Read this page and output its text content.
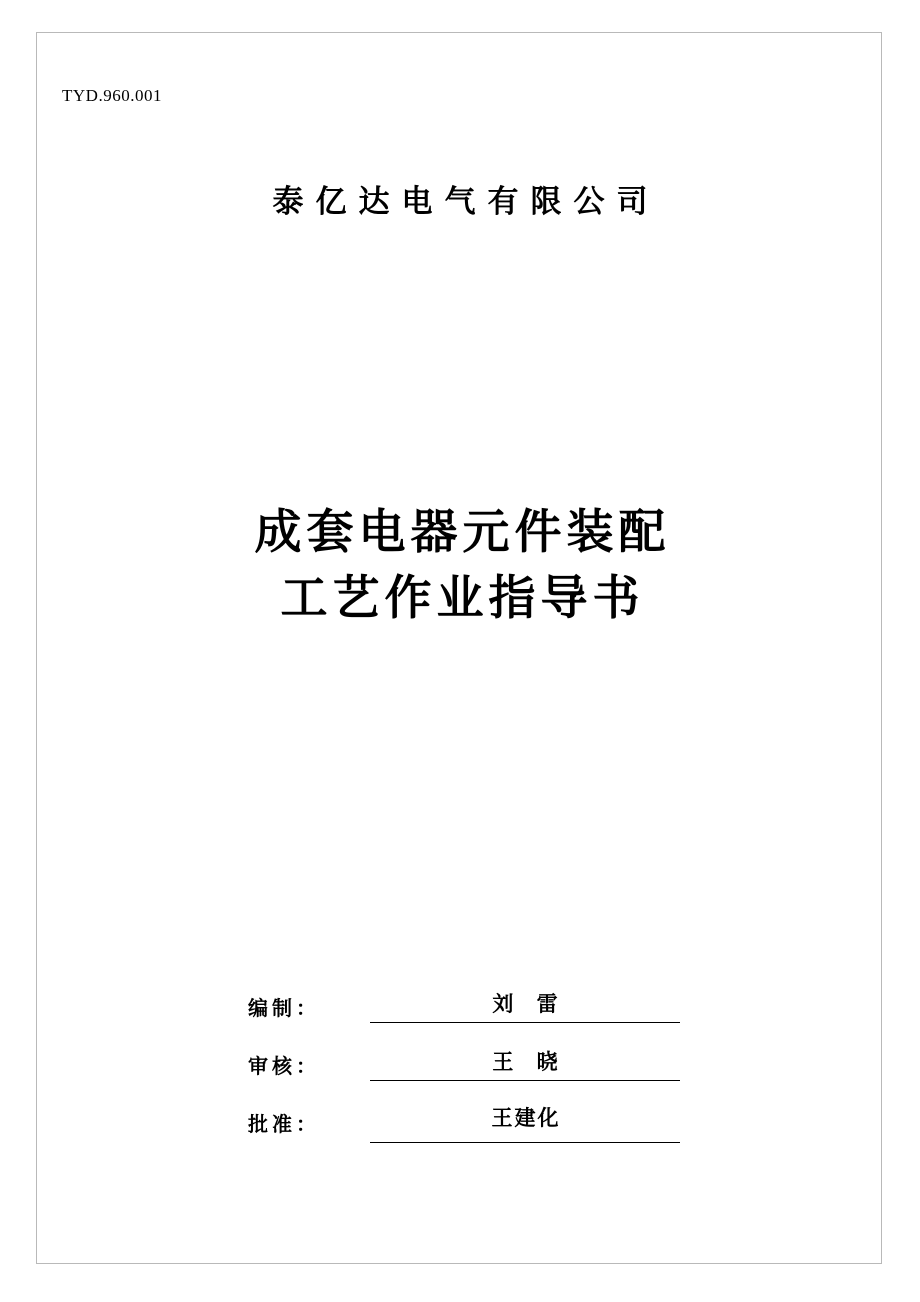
TYD.960.001
泰亿达电气有限公司
成套电器元件装配
工艺作业指导书
编制：	刘 雷
审核：	王 晓
批准：	王建化
